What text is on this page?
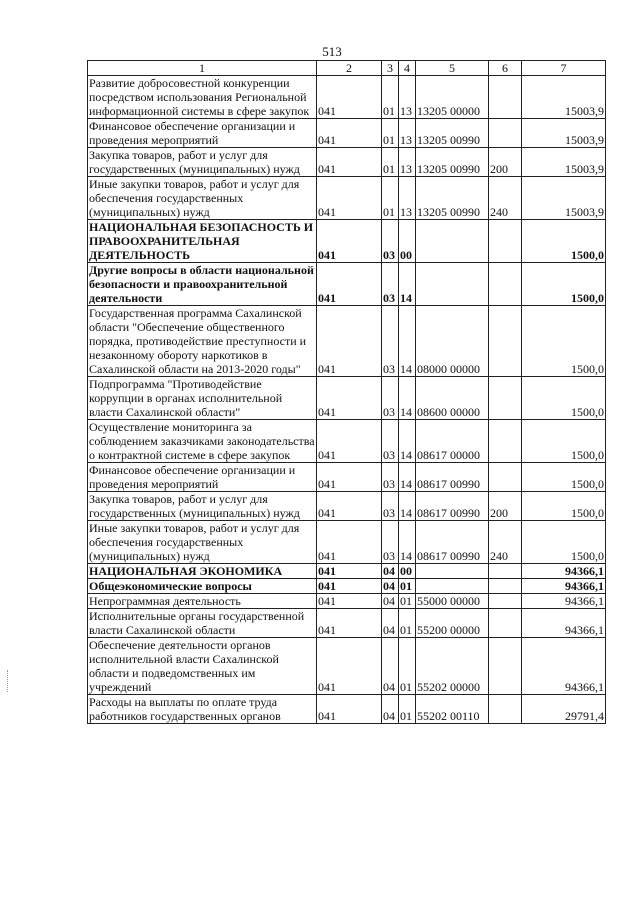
513
1	2	3	4	5	6	7
Развитие добросовестной конкуренции посредством использования Региональной информационной системы в сфере закупок	041	01	13	13205 00000		15003,9
Финансовое обеспечение организации и проведения мероприятий	041	01	13	13205 00990		15003,9
Закупка товаров, работ и услуг для государственных (муниципальных) нужд	041	01	13	13205 00990	200	15003,9
Иные закупки товаров, работ и услуг для обеспечения государственных (муниципальных) нужд	041	01	13	13205 00990	240	15003,9
НАЦИОНАЛЬНАЯ БЕЗОПАСНОСТЬ И ПРАВООХРАНИТЕЛЬНАЯ ДЕЯТЕЛЬНОСТЬ	041	03	00			1500,0
Другие вопросы в области национальной безопасности и правоохранительной деятельности	041	03	14			1500,0
Государственная программа Сахалинской области "Обеспечение общественного порядка, противодействие преступности и незаконному обороту наркотиков в Сахалинской области на 2013-2020 годы"	041	03	14	08000 00000		1500,0
Подпрограмма "Противодействие коррупции в органах исполнительной власти Сахалинской области"	041	03	14	08600 00000		1500,0
Осуществление мониторинга за соблюдением заказчиками законодательства о контрактной системе в сфере закупок	041	03	14	08617 00000		1500,0
Финансовое обеспечение организации и проведения мероприятий	041	03	14	08617 00990		1500,0
Закупка товаров, работ и услуг для государственных (муниципальных) нужд	041	03	14	08617 00990	200	1500,0
Иные закупки товаров, работ и услуг для обеспечения государственных (муниципальных) нужд	041	03	14	08617 00990	240	1500,0
НАЦИОНАЛЬНАЯ ЭКОНОМИКА	041	04	00			94366,1
Общеэкономические вопросы	041	04	01			94366,1
Непрограммная деятельность	041	04	01	55000 00000		94366,1
Исполнительные органы государственной власти Сахалинской области	041	04	01	55200 00000		94366,1
Обеспечение деятельности органов исполнительной власти Сахалинской области и подведомственных им учреждений	041	04	01	55202 00000		94366,1
Расходы на выплаты по оплате труда работников государственных органов	041	04	01	55202 00110		29791,4
